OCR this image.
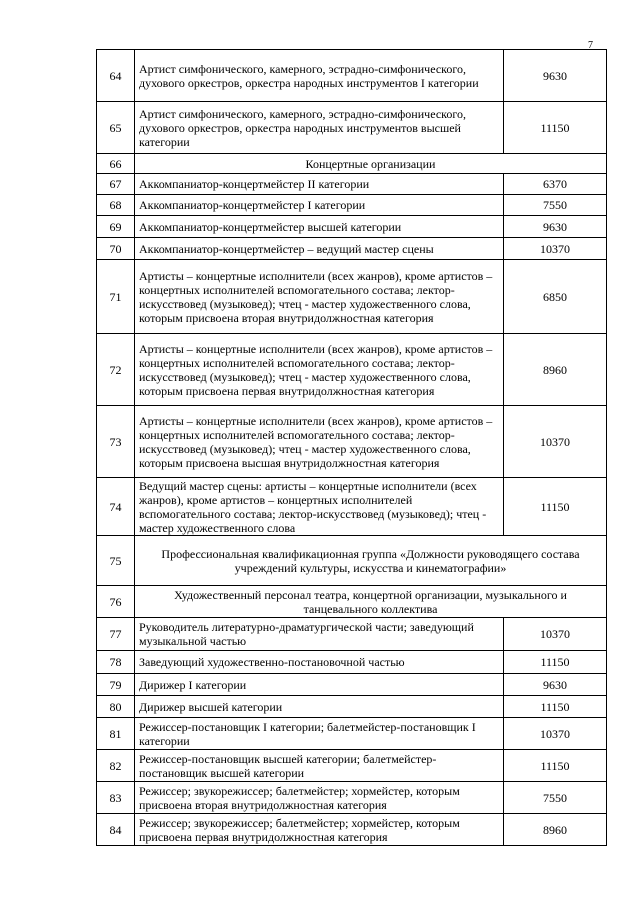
7
64	Артист симфонического, камерного, эстрадно-симфонического, духового оркестров, оркестра народных инструментов I категории	9630
65	Артист симфонического, камерного, эстрадно-симфонического, духового оркестров, оркестра народных инструментов высшей категории	11150
66	Концертные организации	
67	Аккомпаниатор-концертмейстер II категории	6370
68	Аккомпаниатор-концертмейстер I категории	7550
69	Аккомпаниатор-концертмейстер высшей категории	9630
70	Аккомпаниатор-концертмейстер – ведущий мастер сцены	10370
71	Артисты – концертные исполнители (всех жанров), кроме артистов – концертных исполнителей вспомогательного состава; лектор-искусствовед (музыковед); чтец - мастер художественного слова, которым присвоена вторая внутридолжностная категория	6850
72	Артисты – концертные исполнители (всех жанров), кроме артистов – концертных исполнителей вспомогательного состава; лектор-искусствовед (музыковед); чтец - мастер художественного слова, которым присвоена первая внутридолжностная категория	8960
73	Артисты – концертные исполнители (всех жанров), кроме артистов – концертных исполнителей вспомогательного состава; лектор-искусствовед (музыковед); чтец - мастер художественного слова, которым присвоена высшая внутридолжностная категория	10370
74	Ведущий мастер сцены: артисты – концертные исполнители (всех жанров), кроме артистов – концертных исполнителей вспомогательного состава; лектор-искусствовед (музыковед); чтец - мастер художественного слова	11150
75	Профессиональная квалификационная группа «Должности руководящего состава учреждений культуры, искусства и кинематографии»	
76	Художественный персонал театра, концертной организации, музыкального и танцевального коллектива	
77	Руководитель литературно-драматургической части; заведующий музыкальной частью	10370
78	Заведующий художественно-постановочной частью	11150
79	Дирижер I категории	9630
80	Дирижер высшей категории	11150
81	Режиссер-постановщик I категории; балетмейстер-постановщик I категории	10370
82	Режиссер-постановщик высшей категории; балетмейстер-постановщик высшей категории	11150
83	Режиссер; звукорежиссер; балетмейстер; хормейстер, которым присвоена вторая внутридолжностная категория	7550
84	Режиссер; звукорежиссер; балетмейстер; хормейстер, которым присвоена первая внутридолжностная категория	8960
